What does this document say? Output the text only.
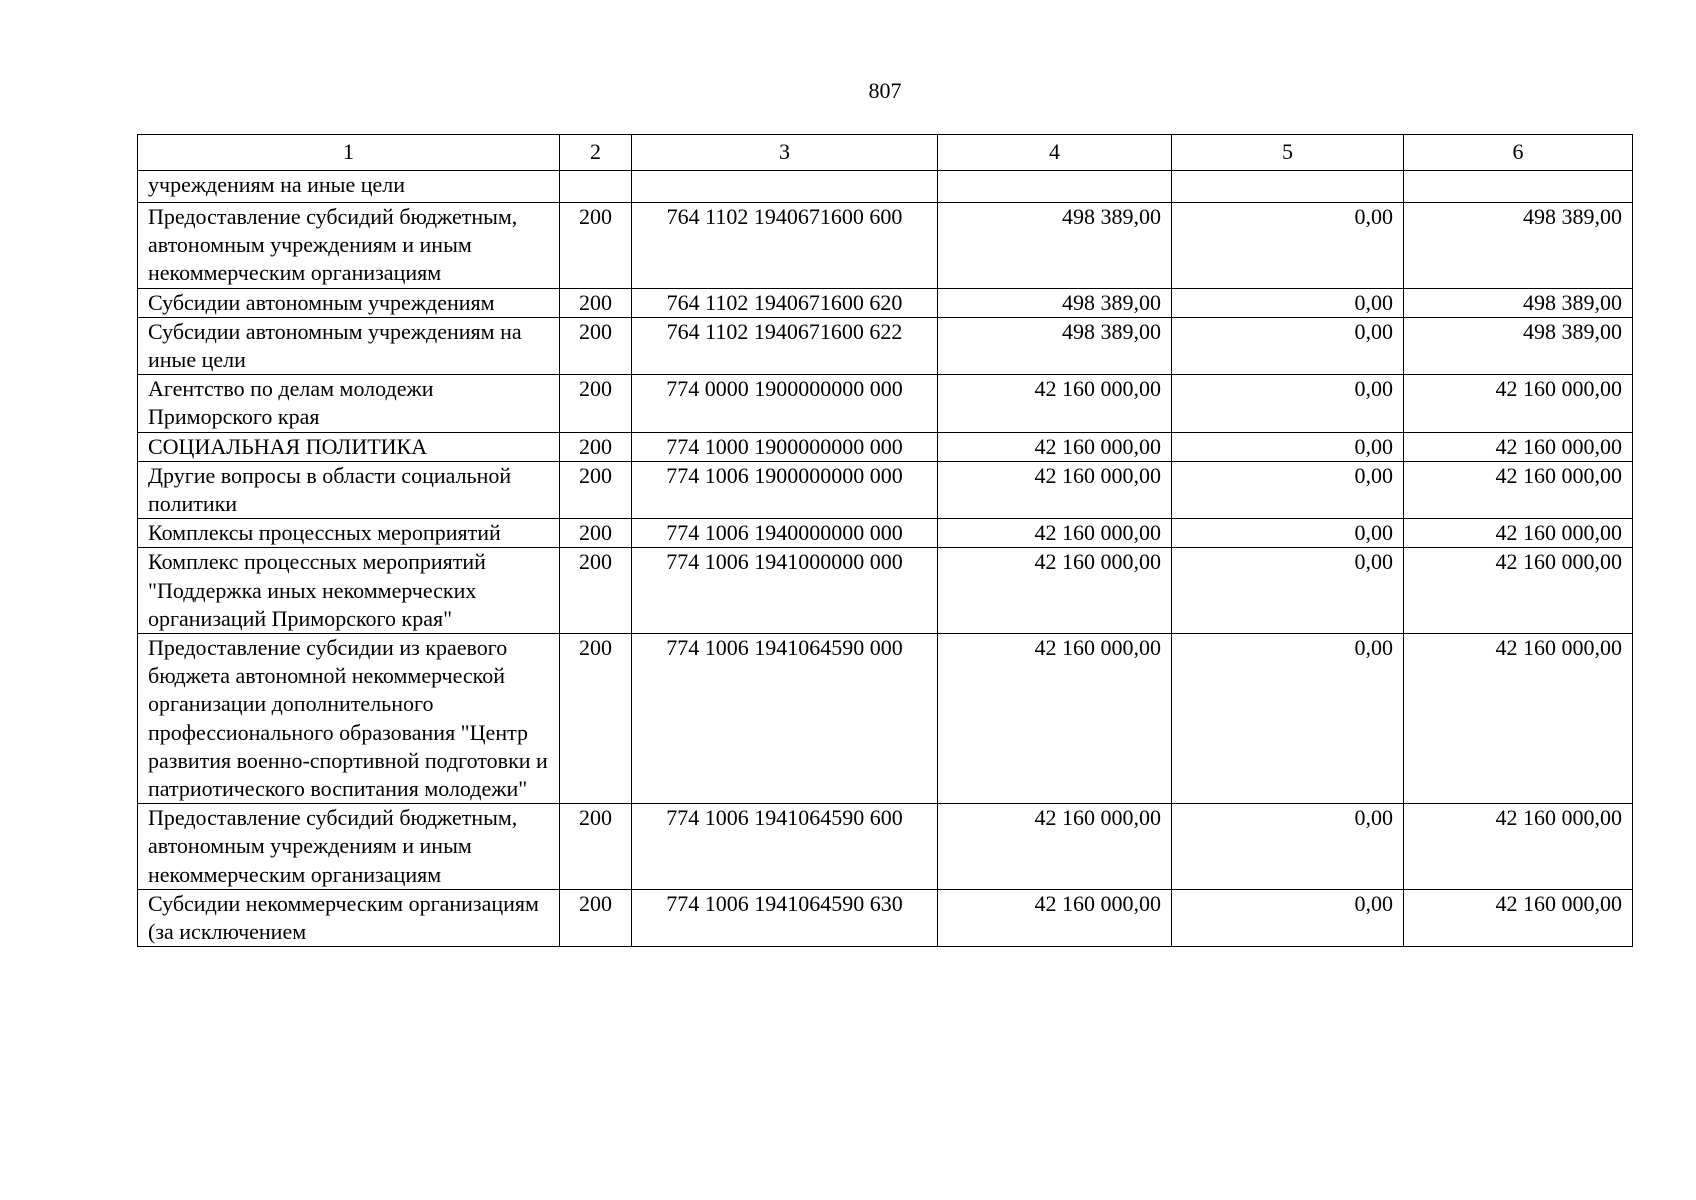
807
1	2	3	4	5	6
учреждениям на иные цели					
Предоставление субсидий бюджетным, автономным учреждениям и иным некоммерческим организациям	200	764 1102 1940671600 600	498 389,00	0,00	498 389,00
Субсидии автономным учреждениям	200	764 1102 1940671600 620	498 389,00	0,00	498 389,00
Субсидии автономным учреждениям на иные цели	200	764 1102 1940671600 622	498 389,00	0,00	498 389,00
Агентство по делам молодежи Приморского края	200	774 0000 1900000000 000	42 160 000,00	0,00	42 160 000,00
СОЦИАЛЬНАЯ ПОЛИТИКА	200	774 1000 1900000000 000	42 160 000,00	0,00	42 160 000,00
Другие вопросы в области социальной политики	200	774 1006 1900000000 000	42 160 000,00	0,00	42 160 000,00
Комплексы процессных мероприятий	200	774 1006 1940000000 000	42 160 000,00	0,00	42 160 000,00
Комплекс процессных мероприятий "Поддержка иных некоммерческих организаций Приморского края"	200	774 1006 1941000000 000	42 160 000,00	0,00	42 160 000,00
Предоставление субсидии из краевого бюджета автономной некоммерческой организации дополнительного профессионального образования "Центр развития военно-спортивной подготовки и патриотического воспитания молодежи"	200	774 1006 1941064590 000	42 160 000,00	0,00	42 160 000,00
Предоставление субсидий бюджетным, автономным учреждениям и иным некоммерческим организациям	200	774 1006 1941064590 600	42 160 000,00	0,00	42 160 000,00
Субсидии некоммерческим организациям (за исключением	200	774 1006 1941064590 630	42 160 000,00	0,00	42 160 000,00
